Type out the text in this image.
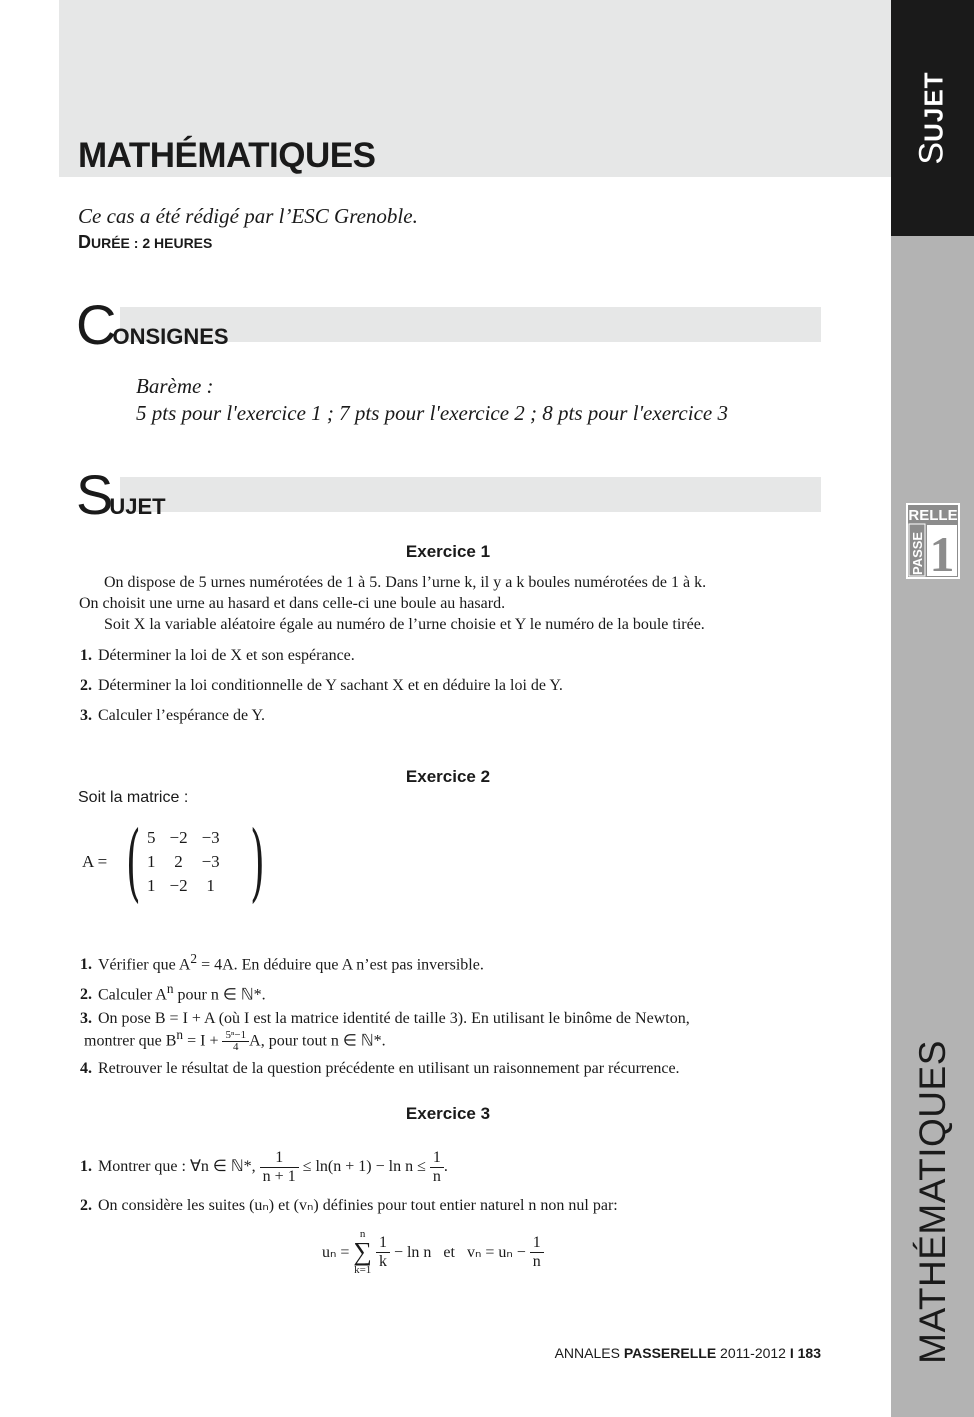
MATHÉMATIQUES	SUJET
MATHÉMATIQUES
RELLE
PASSE 1
Ce cas a été rédigé par l’ESC Grenoble.
DURÉE : 2 HEURES
CONSIGNES
Barème :
5 pts pour l'exercice 1 ; 7 pts pour l'exercice 2 ; 8 pts pour l'exercice 3
SUJET
Exercice 1
On dispose de 5 urnes numérotées de 1 à 5. Dans l’urne k, il y a k boules numérotées de 1 à k.
On choisit une urne au hasard et dans celle-ci une boule au hasard.
Soit X la variable aléatoire égale au numéro de l’urne choisie et Y le numéro de la boule tirée.
1. Déterminer la loi de X et son espérance.
2. Déterminer la loi conditionnelle de Y sachant X et en déduire la loi de Y.
3. Calculer l’espérance de Y.
Exercice 2
Soit la matrice :
A = ( 5	−2	−3
1	2	−3
1	−2	1 )
1. Vérifier que $A^2 = 4A$. En déduire que A n’est pas inversible.
2. Calculer $A^n$ pour n ∈ ℕ*.
3. On pose B = I + A (où I est la matrice identité de taille 3). En utilisant le binôme de Newton,
montrer que $B^n = I + \frac{\text{5ⁿ−1}}{4} A$, pour tout n ∈ ℕ*.
4. Retrouver le résultat de la question précédente en utilisant un raisonnement par récurrence.
Exercice 3
1. Montrer que : ∀n ∈ ℕ*, $\frac{1}{n + 1} \le \ln(n + 1) - \ln n \le \frac{1}{n}$ .
2. On considère les suites (uₙ) et (vₙ) définies pour tout entier naturel n non nul par:
uₙ =
n
∑
k=1
$\frac{1}{k} - \ln n$   et   $v_n = u_n - \frac{1}{n}$
ANNALES PASSERELLE 2011-2012 I 183
